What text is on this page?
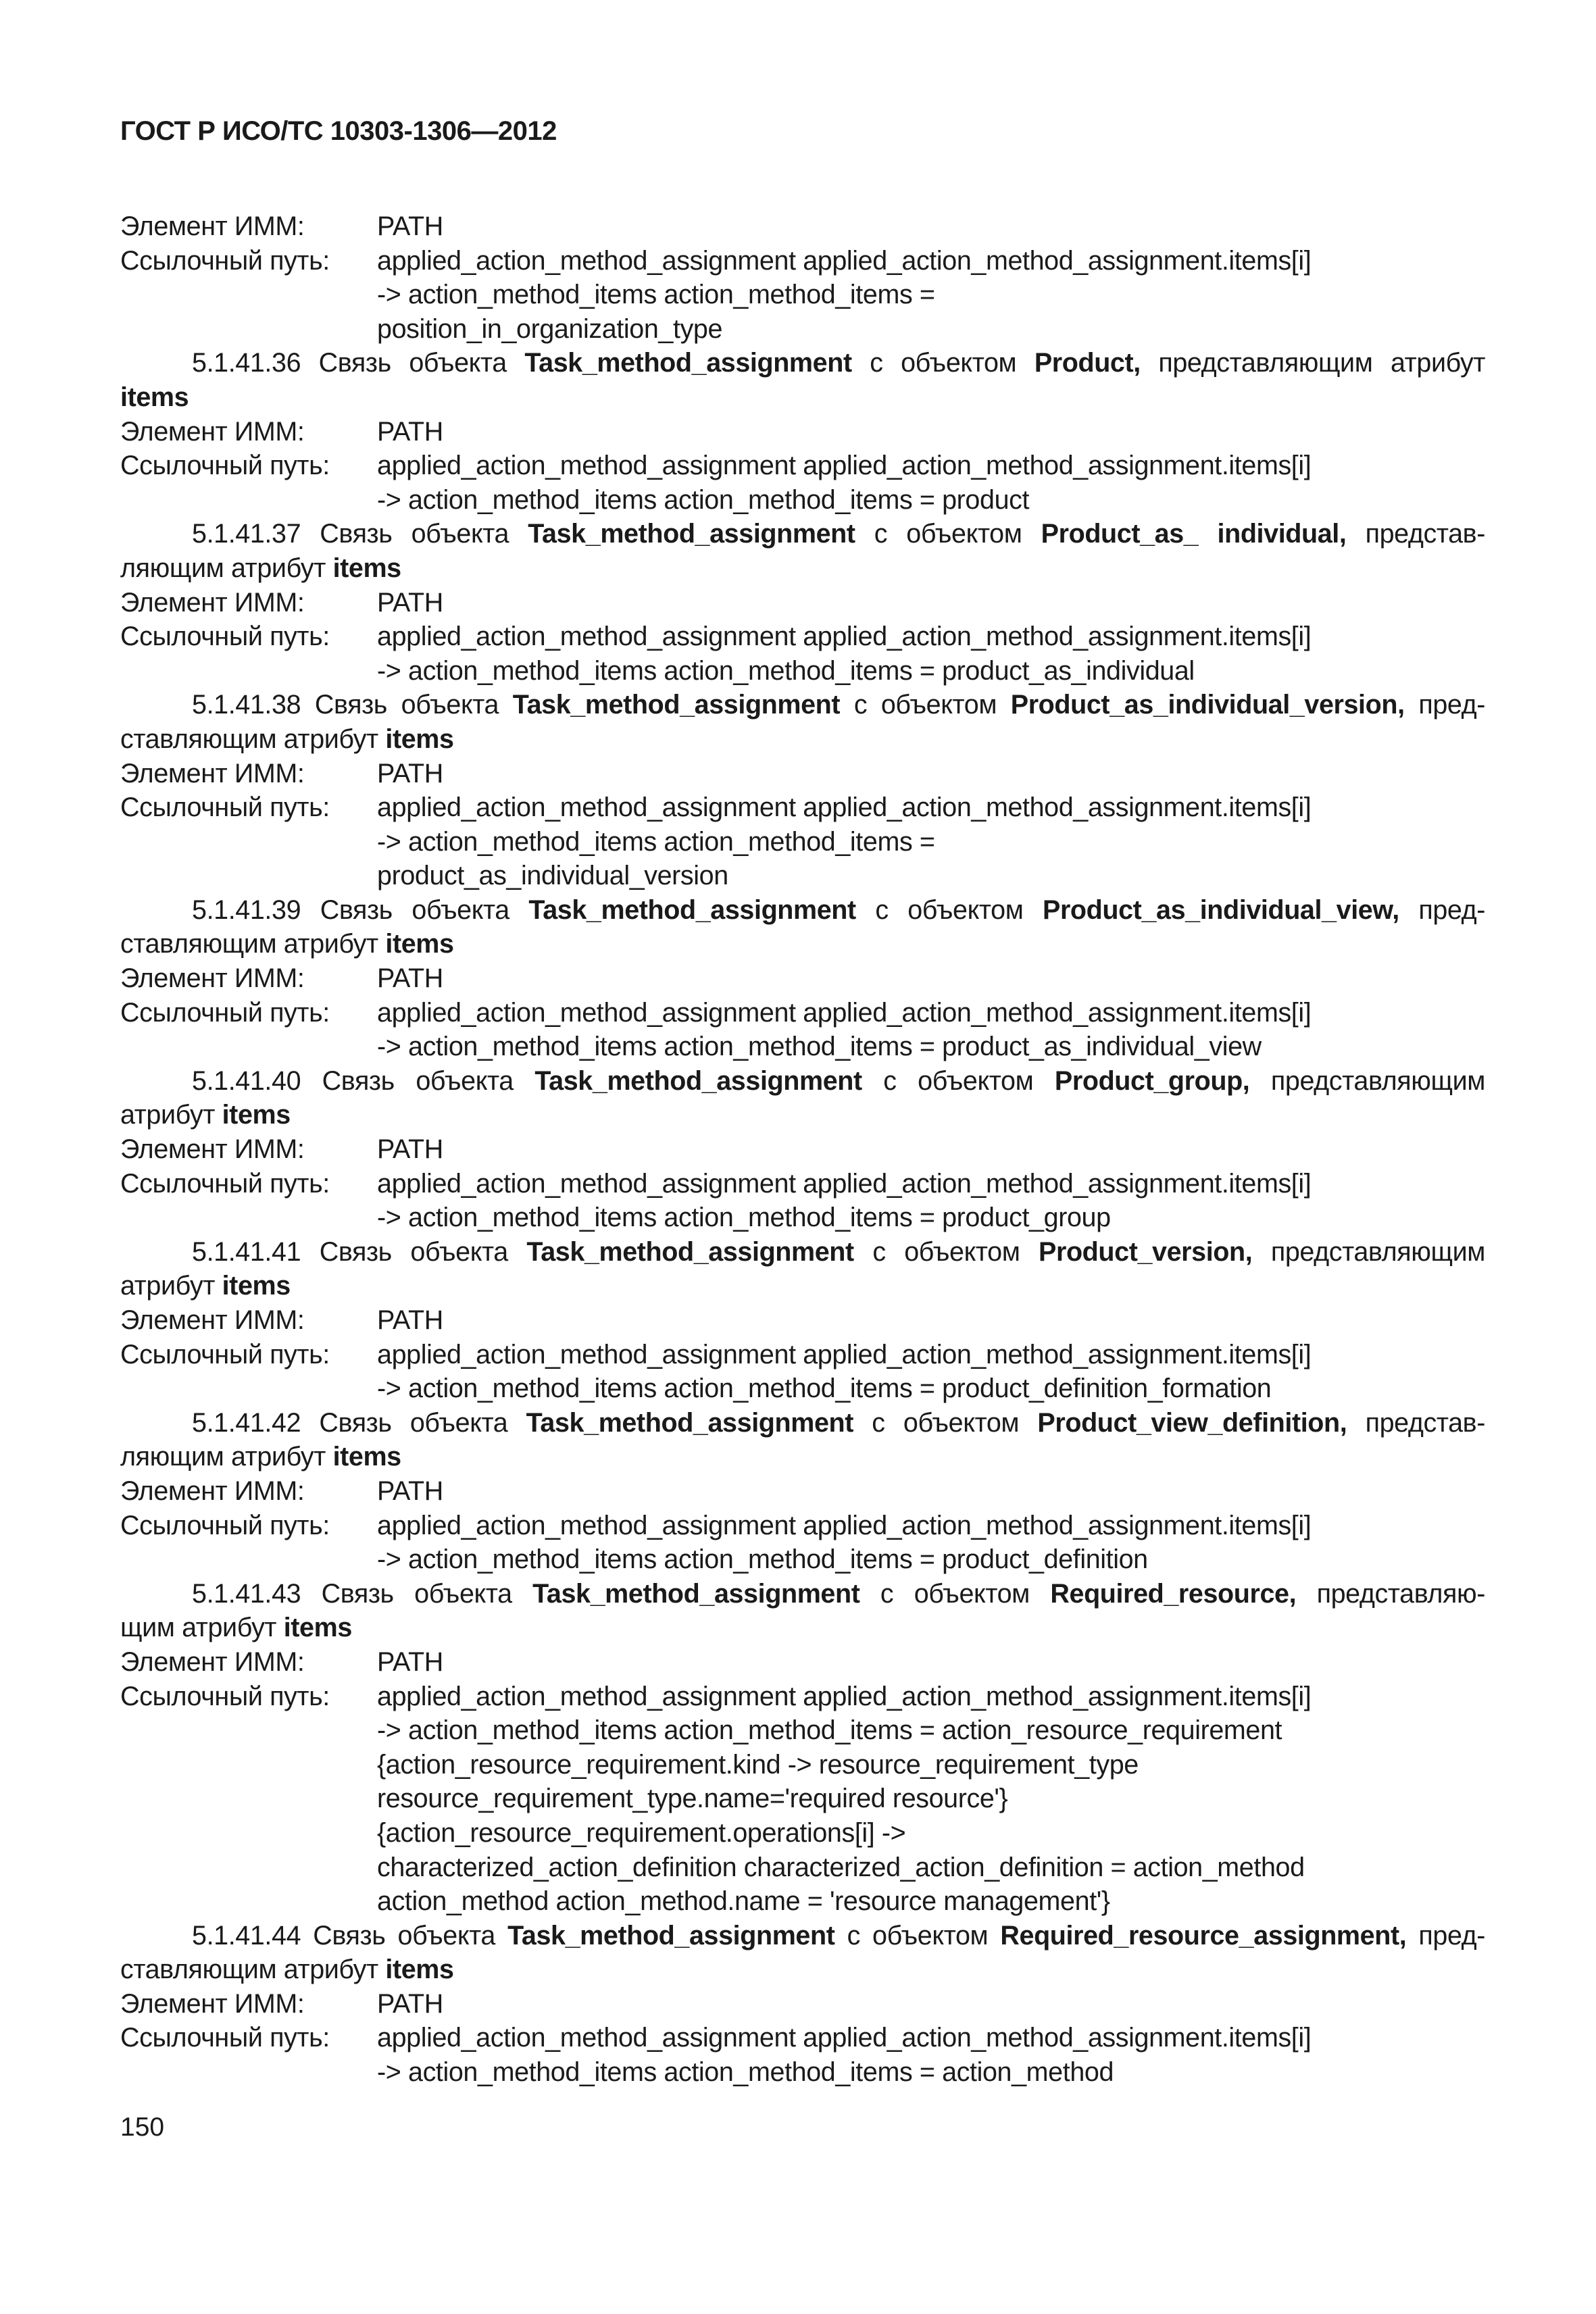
ГОСТ Р ИСО/ТС 10303-1306—2012
Элемент ИММ:	PATH
Ссылочный путь:	applied_action_method_assignment applied_action_method_assignment.items[i]
-> action_method_items action_method_items =
position_in_organization_type
5.1.41.36 Связь объекта Task_method_assignment с объектом Product, представляющим атрибут
items
Элемент ИММ:	PATH
Ссылочный путь:	applied_action_method_assignment applied_action_method_assignment.items[i]
-> action_method_items action_method_items = product
5.1.41.37 Связь объекта Task_method_assignment с объектом Product_as_ individual, представ-
ляющим атрибут items
Элемент ИММ:	PATH
Ссылочный путь:	applied_action_method_assignment applied_action_method_assignment.items[i]
-> action_method_items action_method_items = product_as_individual
5.1.41.38 Связь объекта Task_method_assignment с объектом Product_as_individual_version, пред-
ставляющим атрибут items
Элемент ИММ:	PATH
Ссылочный путь:	applied_action_method_assignment applied_action_method_assignment.items[i]
-> action_method_items action_method_items =
product_as_individual_version
5.1.41.39 Связь объекта Task_method_assignment с объектом Product_as_individual_view, пред-
ставляющим атрибут items
Элемент ИММ:	PATH
Ссылочный путь:	applied_action_method_assignment applied_action_method_assignment.items[i]
-> action_method_items action_method_items = product_as_individual_view
5.1.41.40 Связь объекта Task_method_assignment с объектом Product_group, представляющим
атрибут items
Элемент ИММ:	PATH
Ссылочный путь:	applied_action_method_assignment applied_action_method_assignment.items[i]
-> action_method_items action_method_items = product_group
5.1.41.41 Связь объекта Task_method_assignment с объектом Product_version, представляющим
атрибут items
Элемент ИММ:	PATH
Ссылочный путь:	applied_action_method_assignment applied_action_method_assignment.items[i]
-> action_method_items action_method_items = product_definition_formation
5.1.41.42 Связь объекта Task_method_assignment с объектом Product_view_definition, представ-
ляющим атрибут items
Элемент ИММ:	PATH
Ссылочный путь:	applied_action_method_assignment applied_action_method_assignment.items[i]
-> action_method_items action_method_items = product_definition
5.1.41.43 Связь объекта Task_method_assignment с объектом Required_resource, представляю-
щим атрибут items
Элемент ИММ:	PATH
Ссылочный путь:	applied_action_method_assignment applied_action_method_assignment.items[i]
-> action_method_items action_method_items = action_resource_requirement
{action_resource_requirement.kind -> resource_requirement_type
resource_requirement_type.name='required resource'}
{action_resource_requirement.operations[i] ->
characterized_action_definition characterized_action_definition = action_method
action_method action_method.name = 'resource management'}
5.1.41.44 Связь объекта Task_method_assignment с объектом Required_resource_assignment, пред-
ставляющим атрибут items
Элемент ИММ:	PATH
Ссылочный путь:	applied_action_method_assignment applied_action_method_assignment.items[i]
-> action_method_items action_method_items = action_method
150
